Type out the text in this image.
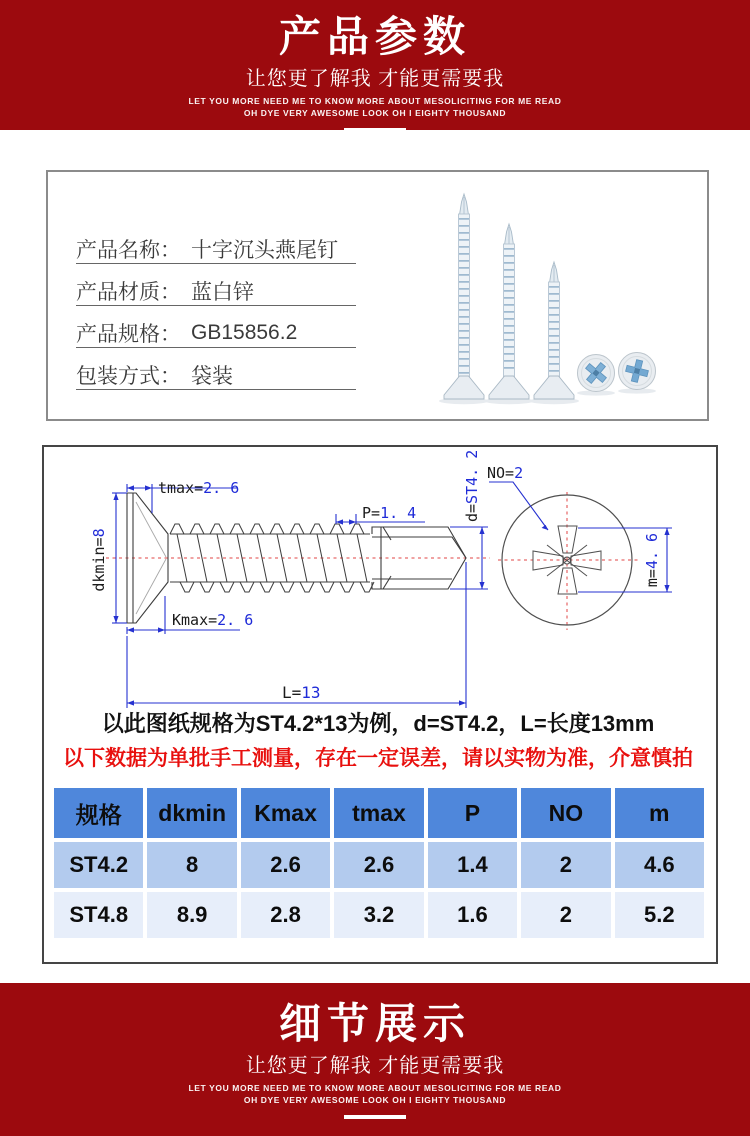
产品参数
让您更了解我 才能更需要我
LET YOU MORE NEED ME TO KNOW MORE ABOUT MESOLICITING FOR ME READ
OH DYE VERY AWESOME LOOK OH I EIGHTY THOUSAND
产品名称： 十字沉头燕尾钉
产品材质： 蓝白锌
产品规格： GB15856.2
包装方式： 袋装
tmax=2. 6
dkmin=8
Kmax=2. 6
P=1. 4	d=ST4. 2 NO=2
m=4. 6
L=13
以此图纸规格为ST4.2*13为例，d=ST4.2，L=长度13mm
以下数据为单批手工测量，存在一定误差，请以实物为准，介意慎拍
规格	dkmin	Kmax	tmax	P	NO	m
ST4.2	8	2.6	2.6	1.4	2	4.6
ST4.8	8.9	2.8	3.2	1.6	2	5.2
细节展示
让您更了解我 才能更需要我
LET YOU MORE NEED ME TO KNOW MORE ABOUT MESOLICITING FOR ME READ
OH DYE VERY AWESOME LOOK OH I EIGHTY THOUSAND
